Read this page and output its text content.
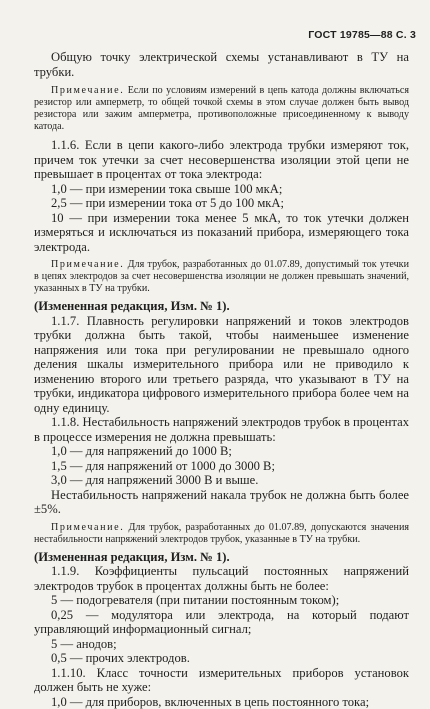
ГОСТ 19785—88 С. 3

Общую точку электрической схемы устанавливают в ТУ на трубки.

Примечание. Если по условиям измерений в цепь катода должны включаться резистор или амперметр, то общей точкой схемы в этом случае должен быть вывод резистора или зажим амперметра, противоположные присоединенному к выводу катода.

1.1.6. Если в цепи какого-либо электрода трубки измеряют ток, причем ток утечки за счет несовершенства изоляции этой цепи не превышает в процентах от тока электрода:

1,0 — при измерении тока свыше 100 мкА;

2,5 — при измерении тока от 5 до 100 мкА;

10 — при измерении тока менее 5 мкА, то ток утечки должен измеряться и исключаться из показаний прибора, измеряющего тока электрода.

Примечание. Для трубок, разработанных до 01.07.89, допустимый ток утечки в цепях электродов за счет несовершенства изоляции не должен превышать значений, указанных в ТУ на трубки.

(Измененная редакция, Изм. № 1).

1.1.7. Плавность регулировки напряжений и токов электродов трубки должна быть такой, чтобы наименьшее изменение напряжения или тока при регулировании не превышало одного деления шкалы измерительного прибора или не приводило к изменению второго или третьего разряда, что указывают в ТУ на трубки, индикатора цифрового измерительного прибора более чем на одну единицу.

1.1.8. Нестабильность напряжений электродов трубок в процентах в процессе измерения не должна превышать:

1,0 — для напряжений до 1000 В;

1,5 — для напряжений от 1000 до 3000 В;

3,0 — для напряжений 3000 В и выше.

Нестабильность напряжений накала трубок не должна быть более ±5%.

Примечание. Для трубок, разработанных до 01.07.89, допускаются значения нестабильности напряжений электродов трубок, указанные в ТУ на трубки.

(Измененная редакция, Изм. № 1).

1.1.9. Коэффициенты пульсаций постоянных напряжений электродов трубок в процентах должны быть не более:

5 — подогревателя (при питании постоянным током);

0,25 — модулятора или электрода, на который подают управляющий информационный сигнал;

5 — анодов;

0,5 — прочих электродов.

1.1.10. Класс точности измерительных приборов установок должен быть не хуже:

1,0 — для приборов, включенных в цепь постоянного тока;
